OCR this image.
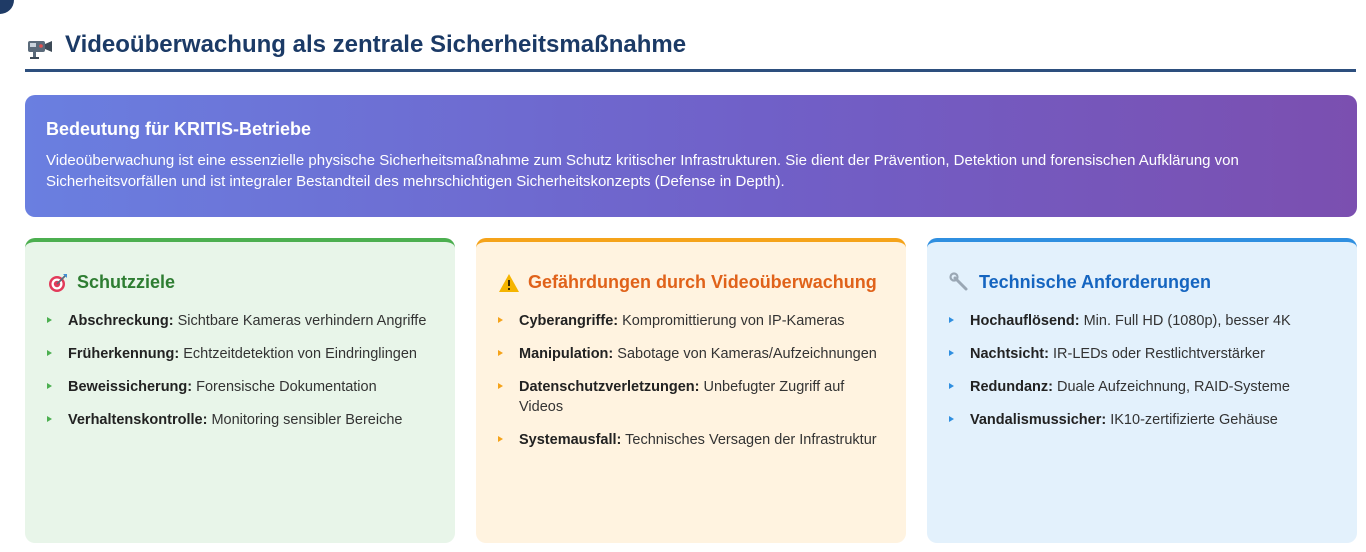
Videoüberwachung als zentrale Sicherheitsmaßnahme
Bedeutung für KRITIS-Betriebe

Videoüberwachung ist eine essenzielle physische Sicherheitsmaßnahme zum Schutz kritischer Infrastrukturen. Sie dient der Prävention, Detektion und forensischen Aufklärung von Sicherheitsvorfällen und ist integraler Bestandteil des mehrschichtigen Sicherheitskonzepts (Defense in Depth).

Schutzziele
Abschreckung: Sichtbare Kameras verhindern Angriffe
Früherkennung: Echtzeitdetektion von Eindringlingen
Beweissicherung: Forensische Dokumentation
Verhaltenskontrolle: Monitoring sensibler Bereiche
Gefährdungen durch Videoüberwachung
Cyberangriffe: Kompromittierung von IP-Kameras
Manipulation: Sabotage von Kameras/Aufzeichnungen
Datenschutzverletzungen: Unbefugter Zugriff auf Videos
Systemausfall: Technisches Versagen der Infrastruktur
Technische Anforderungen
Hochauflösend: Min. Full HD (1080p), besser 4K
Nachtsicht: IR-LEDs oder Restlichtverstärker
Redundanz: Duale Aufzeichnung, RAID-Systeme
Vandalismussicher: IK10-zertifizierte Gehäuse
